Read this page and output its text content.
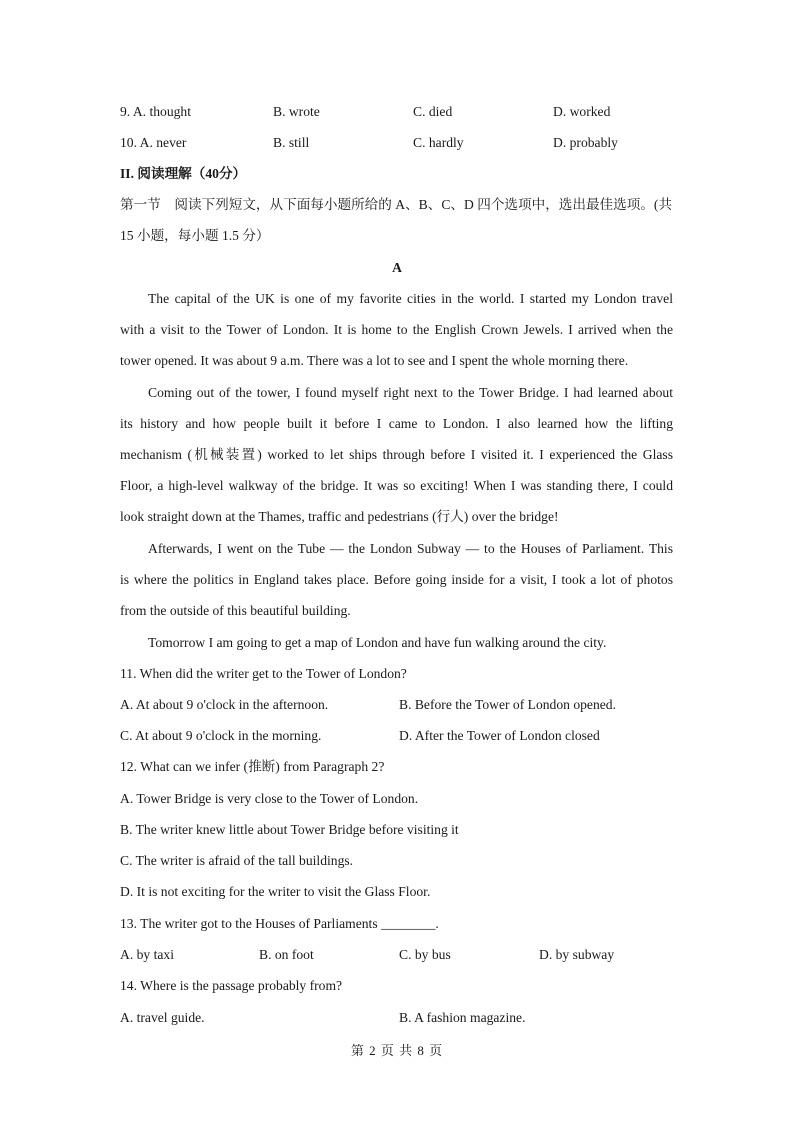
9. A. thought	B. wrote	C. died	D. worked
10. A. never	B. still	C. hardly	D. probably
II. 阅读理解（40分）
第一节　阅读下列短文，从下面每小题所给的 A、B、C、D 四个选项中，选出最佳选项。(共
15 小题，每小题 1.5 分）
A
The capital of the UK is one of my favorite cities in the world. I started my London travel
with a visit to the Tower of London. It is home to the English Crown Jewels. I arrived when the
tower opened. It was about 9 a.m. There was a lot to see and I spent the whole morning there.
Coming out of the tower, I found myself right next to the Tower Bridge. I had learned about
its history and how people built it before I came to London. I also learned how the lifting
mechanism (机械装置) worked to let ships through before I visited it. I experienced the Glass
Floor, a high-level walkway of the bridge. It was so exciting! When I was standing there, I could
look straight down at the Thames, traffic and pedestrians (行人) over the bridge!
Afterwards, I went on the Tube — the London Subway — to the Houses of Parliament. This
is where the politics in England takes place. Before going inside for a visit, I took a lot of photos
from the outside of this beautiful building.
Tomorrow I am going to get a map of London and have fun walking around the city.
11. When did the writer get to the Tower of London?
A. At about 9 o'clock in the afternoon.	B. Before the Tower of London opened.
C. At about 9 o'clock in the morning.	D. After the Tower of London closed
12. What can we infer (推断) from Paragraph 2?
A. Tower Bridge is very close to the Tower of London.
B. The writer knew little about Tower Bridge before visiting it
C. The writer is afraid of the tall buildings.
D. It is not exciting for the writer to visit the Glass Floor.
13. The writer got to the Houses of Parliaments ________.
A. by taxi	B. on foot	C. by bus	D. by subway
14. Where is the passage probably from?
A. travel guide.	B. A fashion magazine.
第 2 页 共 8 页
